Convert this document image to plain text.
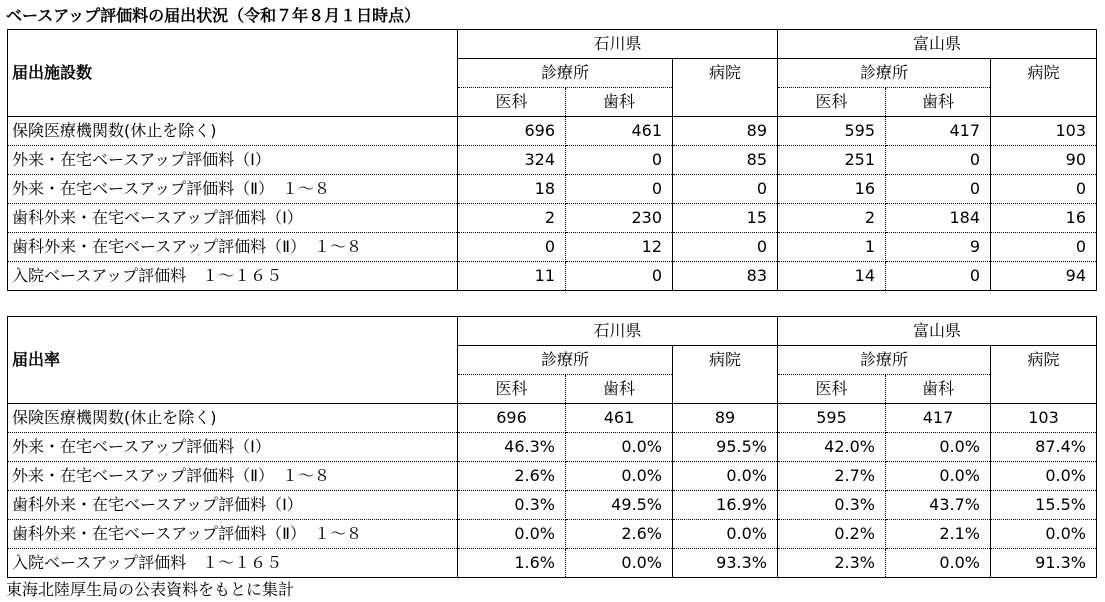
ベースアップ評価料の届出状況（令和７年８月１日時点）
届出施設数	石川県			富山県		
	診療所		病院	診療所		病院
	医科	歯科		医科	歯科	
保険医療機関数(休止を除く)	696	461	89	595	417	103
外来・在宅ベースアップ評価料（Ⅰ）	324	0	85	251	0	90
外来・在宅ベースアップ評価料（Ⅱ）　１～８	18	0	0	16	0	0
歯科外来・在宅ベースアップ評価料（Ⅰ）	2	230	15	2	184	16
歯科外来・在宅ベースアップ評価料（Ⅱ）　１～８	0	12	0	1	9	0
入院ベースアップ評価料　１～１６５	11	0	83	14	0	94
届出率	石川県			富山県		
	診療所		病院	診療所		病院
	医科	歯科		医科	歯科	
保険医療機関数(休止を除く)	696	461	89	595	417	103
外来・在宅ベースアップ評価料（Ⅰ）	46.3%	0.0%	95.5%	42.0%	0.0%	87.4%
外来・在宅ベースアップ評価料（Ⅱ）　１～８	2.6%	0.0%	0.0%	2.7%	0.0%	0.0%
歯科外来・在宅ベースアップ評価料（Ⅰ）	0.3%	49.5%	16.9%	0.3%	43.7%	15.5%
歯科外来・在宅ベースアップ評価料（Ⅱ）　１～８	0.0%	2.6%	0.0%	0.2%	2.1%	0.0%
入院ベースアップ評価料　１～１６５	1.6%	0.0%	93.3%	2.3%	0.0%	91.3%
東海北陸厚生局の公表資料をもとに集計
